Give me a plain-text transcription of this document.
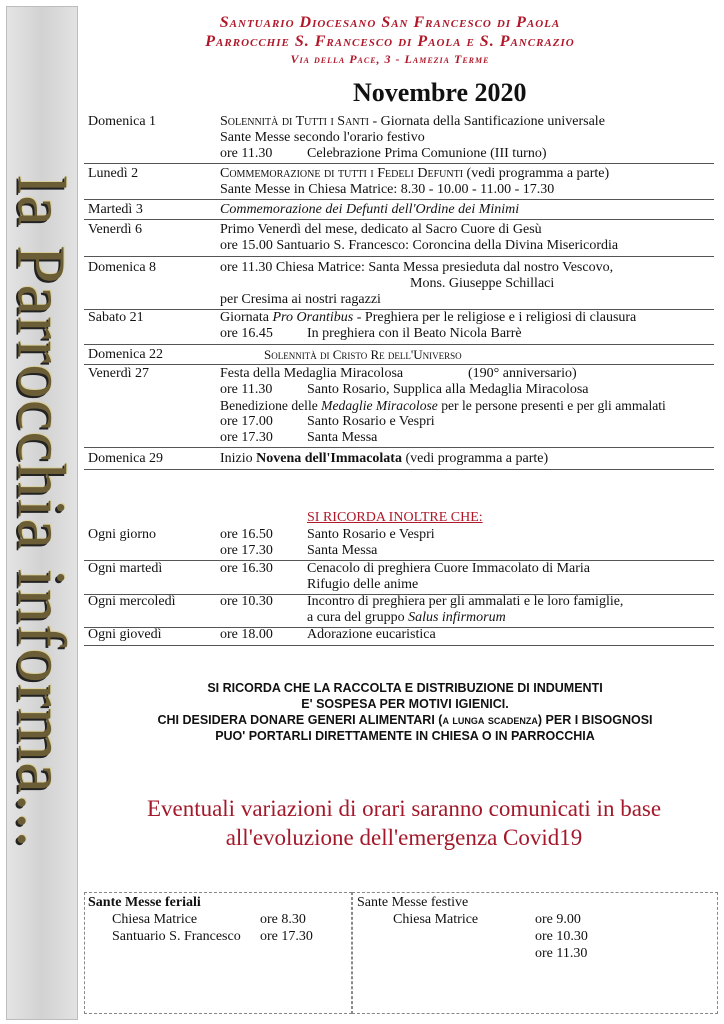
la Parrocchia informa...
Santuario Diocesano San Francesco di Paola
Parrocchie S. Francesco di Paola e S. Pancrazio
Via della Pace, 3 - Lamezia Terme
Novembre 2020
Domenica 1	Solennità di Tutti i Santi - Giornata della Santificazione universale
Sante Messe secondo l'orario festivo
ore 11.30 Celebrazione Prima Comunione (III turno)
Lunedì 2	Commemorazione di tutti i Fedeli Defunti (vedi programma a parte)
Sante Messe in Chiesa Matrice: 8.30 - 10.00 - 11.00 - 17.30
Martedì 3	Commemorazione dei Defunti dell'Ordine dei Minimi
Venerdì 6	Primo Venerdì del mese, dedicato al Sacro Cuore di Gesù
ore 15.00 Santuario S. Francesco: Coroncina della Divina Misericordia
Domenica 8	ore 11.30 Chiesa Matrice: Santa Messa presieduta dal nostro Vescovo,
Mons. Giuseppe Schillaci
per Cresima ai nostri ragazzi
Sabato 21	Giornata Pro Orantibus - Preghiera per le religiose e i religiosi di clausura
ore 16.45 In preghiera con il Beato Nicola Barrè
Domenica 22	Solennità di Cristo Re dell'Universo
Venerdì 27	Festa della Medaglia Miracolosa	(190° anniversario)
ore 11.30 Santo Rosario, Supplica alla Medaglia Miracolosa
Benedizione delle Medaglie Miracolose per le persone presenti e per gli ammalati
ore 17.00 Santo Rosario e Vespri
ore 17.30 Santa Messa
Domenica 29	Inizio Novena dell'Immacolata (vedi programma a parte)
SI RICORDA INOLTRE CHE:
Ogni giorno	ore 16.50 Santo Rosario e Vespri
ore 17.30 Santa Messa
Ogni martedì	ore 16.30 Cenacolo di preghiera Cuore Immacolato di Maria
Rifugio delle anime
Ogni mercoledì	ore 10.30 Incontro di preghiera per gli ammalati e le loro famiglie,
a cura del gruppo Salus infirmorum
Ogni giovedì	ore 18.00 Adorazione eucaristica
SI RICORDA CHE LA RACCOLTA E DISTRIBUZIONE DI INDUMENTI
E' SOSPESA PER MOTIVI IGIENICI.
CHI DESIDERA DONARE GENERI ALIMENTARI (a lunga scadenza) PER I BISOGNOSI
PUO' PORTARLI DIRETTAMENTE IN CHIESA O IN PARROCCHIA
Eventuali variazioni di orari saranno comunicati in base
all'evoluzione dell'emergenza Covid19
Sante Messe feriali
Chiesa Matrice	ore 8.30
Santuario S. Francesco ore 17.30
Sante Messe festive
Chiesa Matrice	ore 9.00
ore 10.30
ore 11.30
